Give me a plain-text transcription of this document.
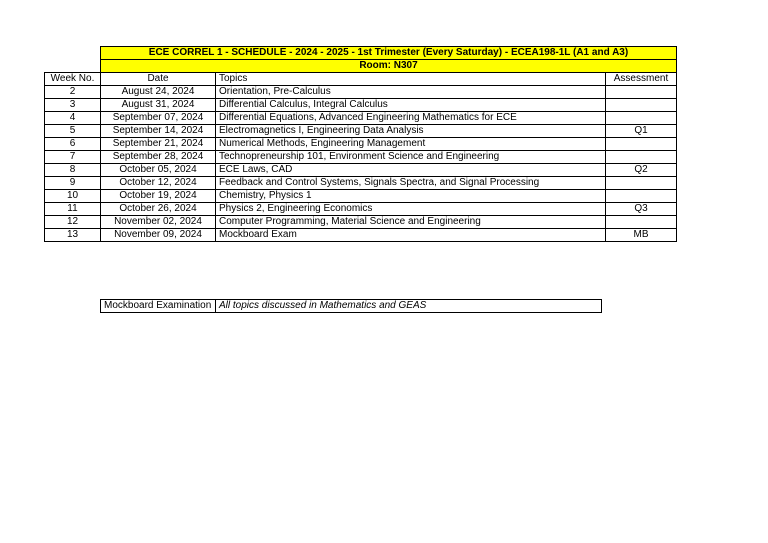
	ECE CORREL 1 - SCHEDULE - 2024 - 2025 - 1st Trimester (Every Saturday) - ECEA198-1L (A1 and A3)		
	Room: N307		
Week No.	Date	Topics	Assessment
2	August 24, 2024	Orientation, Pre-Calculus	
3	August 31, 2024	Differential Calculus, Integral Calculus	
4	September 07, 2024	Differential Equations, Advanced Engineering Mathematics for ECE	
5	September 14, 2024	Electromagnetics I, Engineering Data Analysis	Q1
6	September 21, 2024	Numerical Methods, Engineering Management	
7	September 28, 2024	Technopreneurship 101, Environment Science and Engineering	
8	October 05, 2024	ECE Laws, CAD	Q2
9	October 12, 2024	Feedback and Control Systems, Signals Spectra, and Signal Processing	
10	October 19, 2024	Chemistry, Physics 1	
11	October 26, 2024	Physics 2, Engineering Economics	Q3
12	November 02, 2024	Computer Programming, Material Science and Engineering	
13	November 09, 2024	Mockboard Exam	MB
Mockboard Examination	All topics discussed in Mathematics and GEAS
